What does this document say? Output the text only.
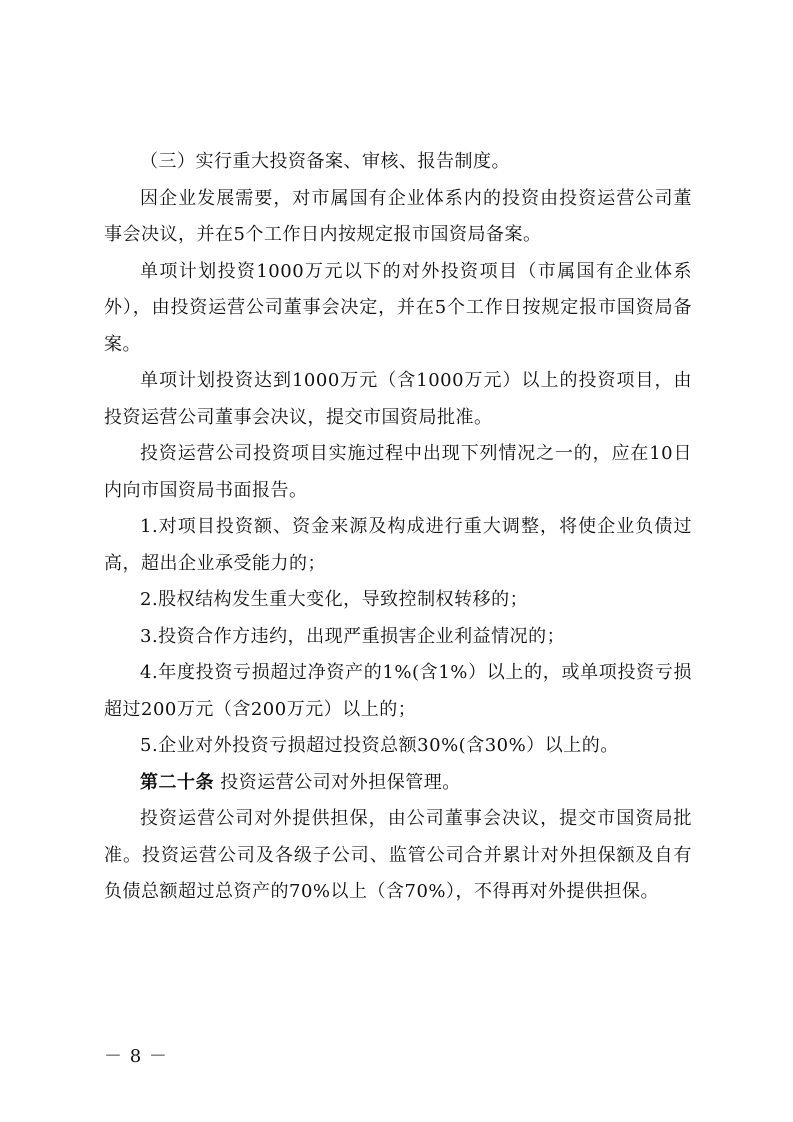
（三）实行重大投资备案、审核、报告制度。

因企业发展需要，对市属国有企业体系内的投资由投资运营公司董事会决议，并在5个工作日内按规定报市国资局备案。

单项计划投资1000万元以下的对外投资项目（市属国有企业体系外），由投资运营公司董事会决定，并在5个工作日按规定报市国资局备案。

单项计划投资达到1000万元（含1000万元）以上的投资项目，由投资运营公司董事会决议，提交市国资局批准。

投资运营公司投资项目实施过程中出现下列情况之一的，应在10日内向市国资局书面报告。

1.对项目投资额、资金来源及构成进行重大调整，将使企业负债过高，超出企业承受能力的；

2.股权结构发生重大变化，导致控制权转移的；

3.投资合作方违约，出现严重损害企业利益情况的；

4.年度投资亏损超过净资产的1%(含1%）以上的，或单项投资亏损超过200万元（含200万元）以上的；

5.企业对外投资亏损超过投资总额30%(含30%）以上的。

第二十条 投资运营公司对外担保管理。

投资运营公司对外提供担保，由公司董事会决议，提交市国资局批准。投资运营公司及各级子公司、监管公司合并累计对外担保额及自有负债总额超过总资产的70%以上（含70%），不得再对外提供担保。

－ 8 －
